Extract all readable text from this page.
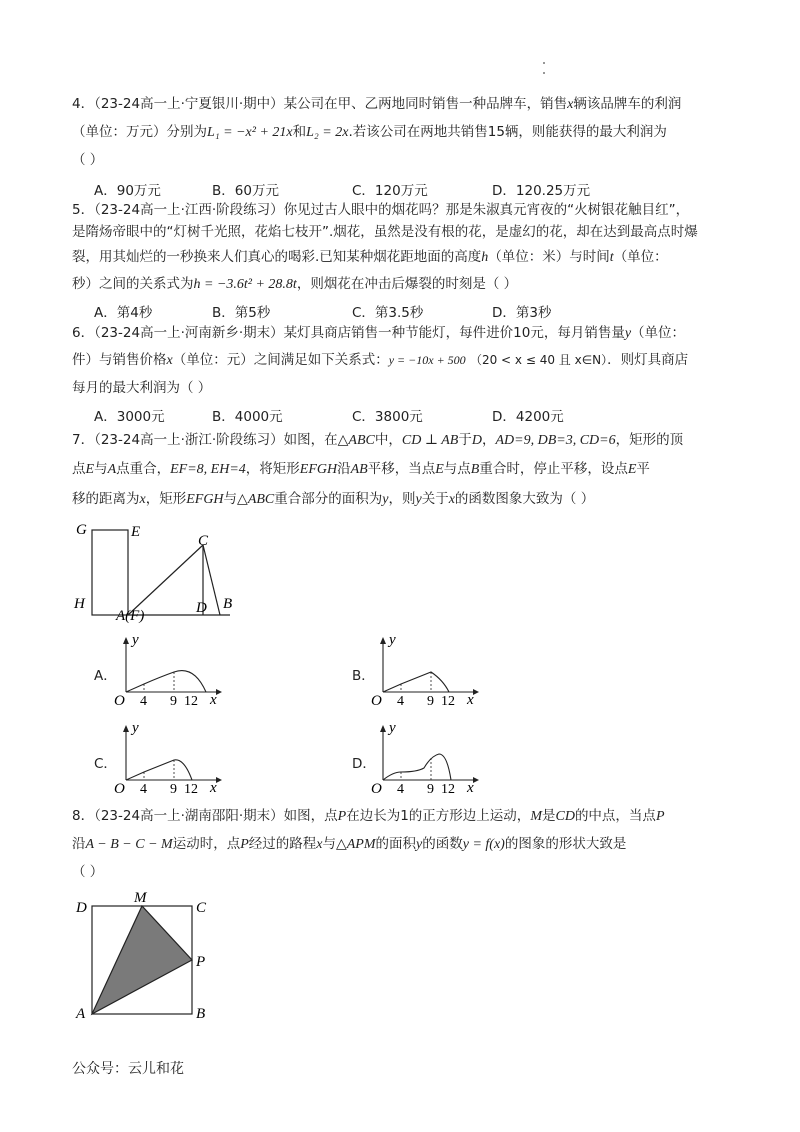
4．（23-24高一上·宁夏银川·期中）某公司在甲、乙两地同时销售一种品牌车，销售x辆该品牌车的利润
（单位：万元）分别为L₁ = −x² + 21x和L₂ = 2x.若该公司在两地共销售15辆，则能获得的最大利润为
（ ）
A．90万元	B．60万元	C．120万元	D．120.25万元
5．（23-24高一上·江西·阶段练习）你见过古人眼中的烟花吗？那是朱淑真元宵夜的“火树银花触目红”，
是隋炀帝眼中的“灯树千光照，花焰七枝开”.烟花，虽然是没有根的花，是虚幻的花，却在达到最高点时爆
裂，用其灿烂的一秒换来人们真心的喝彩.已知某种烟花距地面的高度h（单位：米）与时间t（单位：
秒）之间的关系式为h = −3.6t² + 28.8t，则烟花在冲击后爆裂的时刻是（ ）
A．第4秒	B．第5秒	C．第3.5秒	D．第3秒
6．（23-24高一上·河南新乡·期末）某灯具商店销售一种节能灯，每件进价10元，每月销售量y（单位：
件）与销售价格x（单位：元）之间满足如下关系式：y = −10x + 500 （20 < x ≤ 40 且 x∈N）．则灯具商店
每月的最大利润为（ ）
A．3000元	B．4000元	C．3800元	D．4200元
7．（23-24高一上·浙江·阶段练习）如图，在△ABC中，CD ⊥ AB于D，AD=9, DB=3, CD=6，矩形的顶
点E与A点重合，EF=8, EH=4，将矩形EFGH沿AB平移，当点E与点B重合时，停止平移，设点E平
移的距离为x，矩形EFGH与△ABC重合部分的面积为y，则y关于x的函数图象大致为（ ）
G	E
C
H
A(F)	D B
A．	B．
C．	D．
y
O 4 9 12 x
y
O 4 9 12 x
y
O 4 9 12 x
y
O 4 9 12 x
8．（23-24高一上·湖南邵阳·期末）如图，点P在边长为1的正方形边上运动，M是CD的中点，当点P
沿A − B − C − M运动时，点P经过的路程x与△APM的面积y的函数y = f(x)的图象的形状大致是
（ ）
D
M
C
P
A	B
公众号：云儿和花
